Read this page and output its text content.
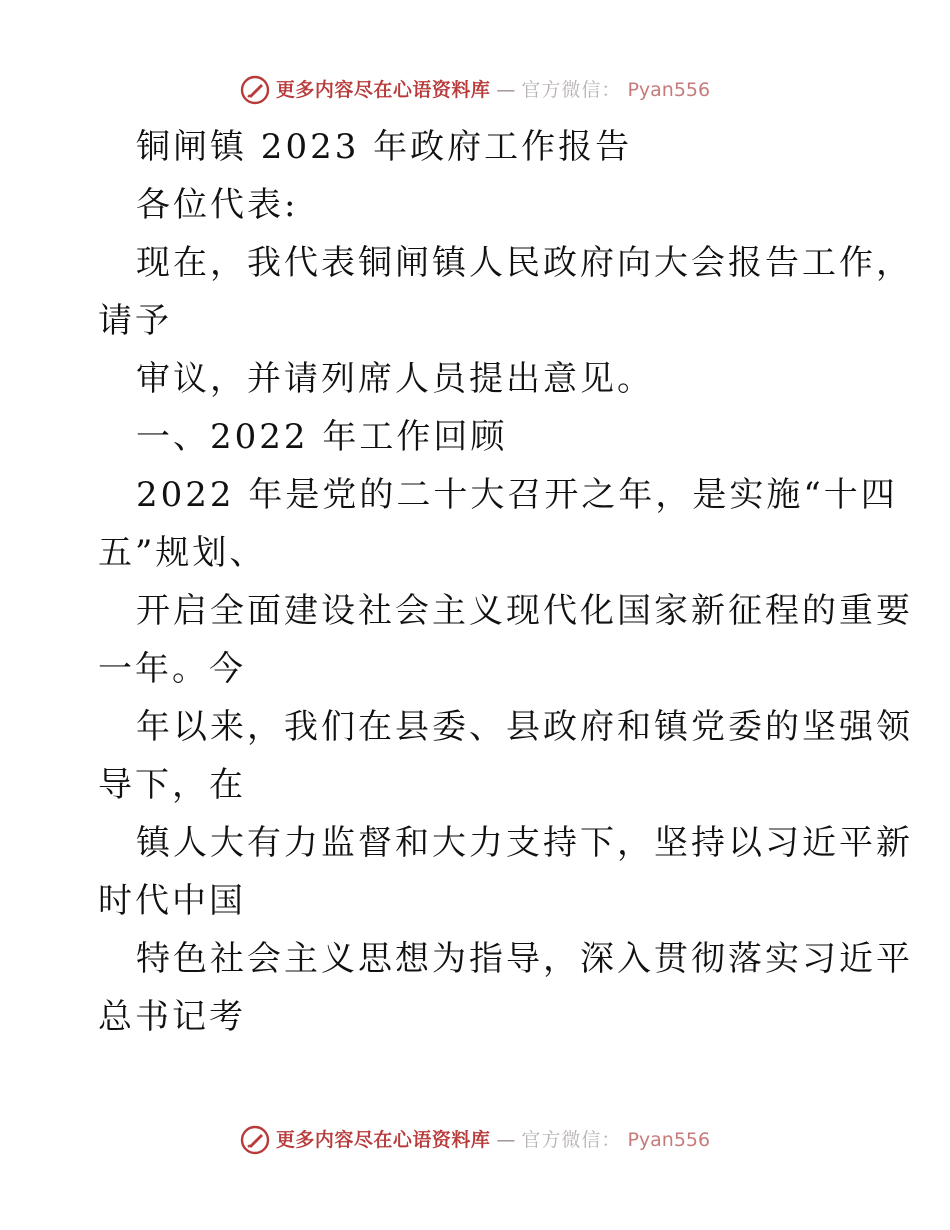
更多内容尽在心语资料库 — 官方微信： Pyan556

铜闸镇 2023 年政府工作报告

各位代表:

现在，我代表铜闸镇人民政府向大会报告工作，

请予

审议，并请列席人员提出意见。

一、2022 年工作回顾

2022 年是党的二十大召开之年，是实施“十四

五”规划、

开启全面建设社会主义现代化国家新征程的重要

一年。今

年以来，我们在县委、县政府和镇党委的坚强领

导下，在

镇人大有力监督和大力支持下，坚持以习近平新

时代中国

特色社会主义思想为指导，深入贯彻落实习近平

总书记考

更多内容尽在心语资料库 — 官方微信： Pyan556
